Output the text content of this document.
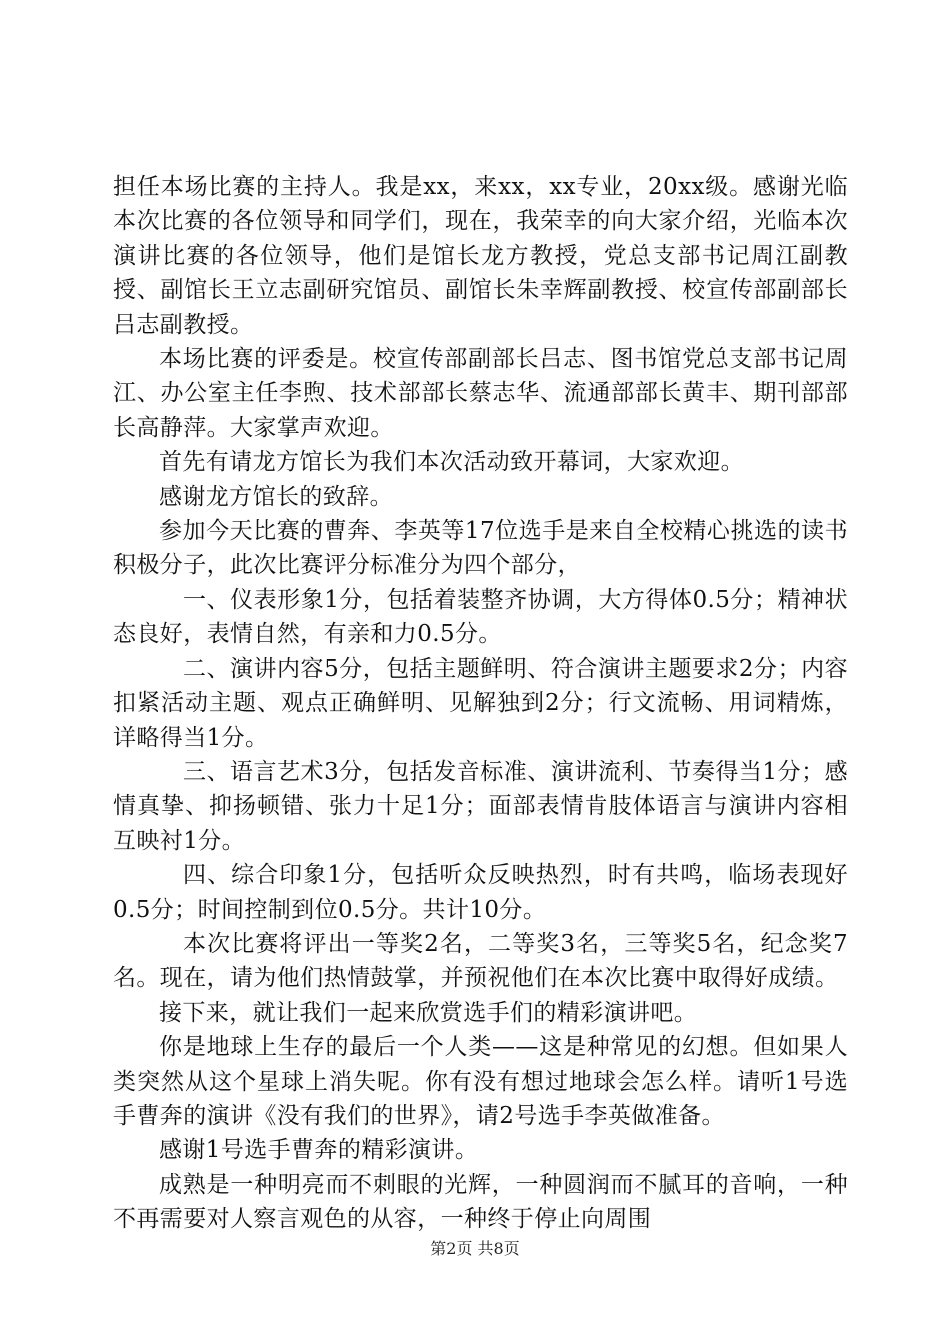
担任本场比赛的主持人。我是xx，来xx，xx专业，20xx级。感谢光临本次比赛的各位领导和同学们，现在，我荣幸的向大家介绍，光临本次演讲比赛的各位领导，他们是馆长龙方教授，党总支部书记周江副教授、副馆长王立志副研究馆员、副馆长朱幸辉副教授、校宣传部副部长吕志副教授。

本场比赛的评委是。校宣传部副部长吕志、图书馆党总支部书记周江、办公室主任李煦、技术部部长蔡志华、流通部部长黄丰、期刊部部长高静萍。大家掌声欢迎。

首先有请龙方馆长为我们本次活动致开幕词，大家欢迎。

感谢龙方馆长的致辞。

参加今天比赛的曹奔、李英等17位选手是来自全校精心挑选的读书积极分子，此次比赛评分标准分为四个部分，

一、仪表形象1分，包括着装整齐协调，大方得体0.5分；精神状态良好，表情自然，有亲和力0.5分。

二、演讲内容5分，包括主题鲜明、符合演讲主题要求2分；内容扣紧活动主题、观点正确鲜明、见解独到2分；行文流畅、用词精炼，详略得当1分。

三、语言艺术3分，包括发音标准、演讲流利、节奏得当1分；感情真挚、抑扬顿错、张力十足1分；面部表情肯肢体语言与演讲内容相互映衬1分。

四、综合印象1分，包括听众反映热烈，时有共鸣，临场表现好0.5分；时间控制到位0.5分。共计10分。

本次比赛将评出一等奖2名，二等奖3名，三等奖5名，纪念奖7名。现在，请为他们热情鼓掌，并预祝他们在本次比赛中取得好成绩。

接下来，就让我们一起来欣赏选手们的精彩演讲吧。

你是地球上生存的最后一个人类——这是种常见的幻想。但如果人类突然从这个星球上消失呢。你有没有想过地球会怎么样。请听1号选手曹奔的演讲《没有我们的世界》，请2号选手李英做准备。

感谢1号选手曹奔的精彩演讲。

成熟是一种明亮而不刺眼的光辉，一种圆润而不腻耳的音响，一种不再需要对人察言观色的从容，一种终于停止向周围

第2页 共8页
